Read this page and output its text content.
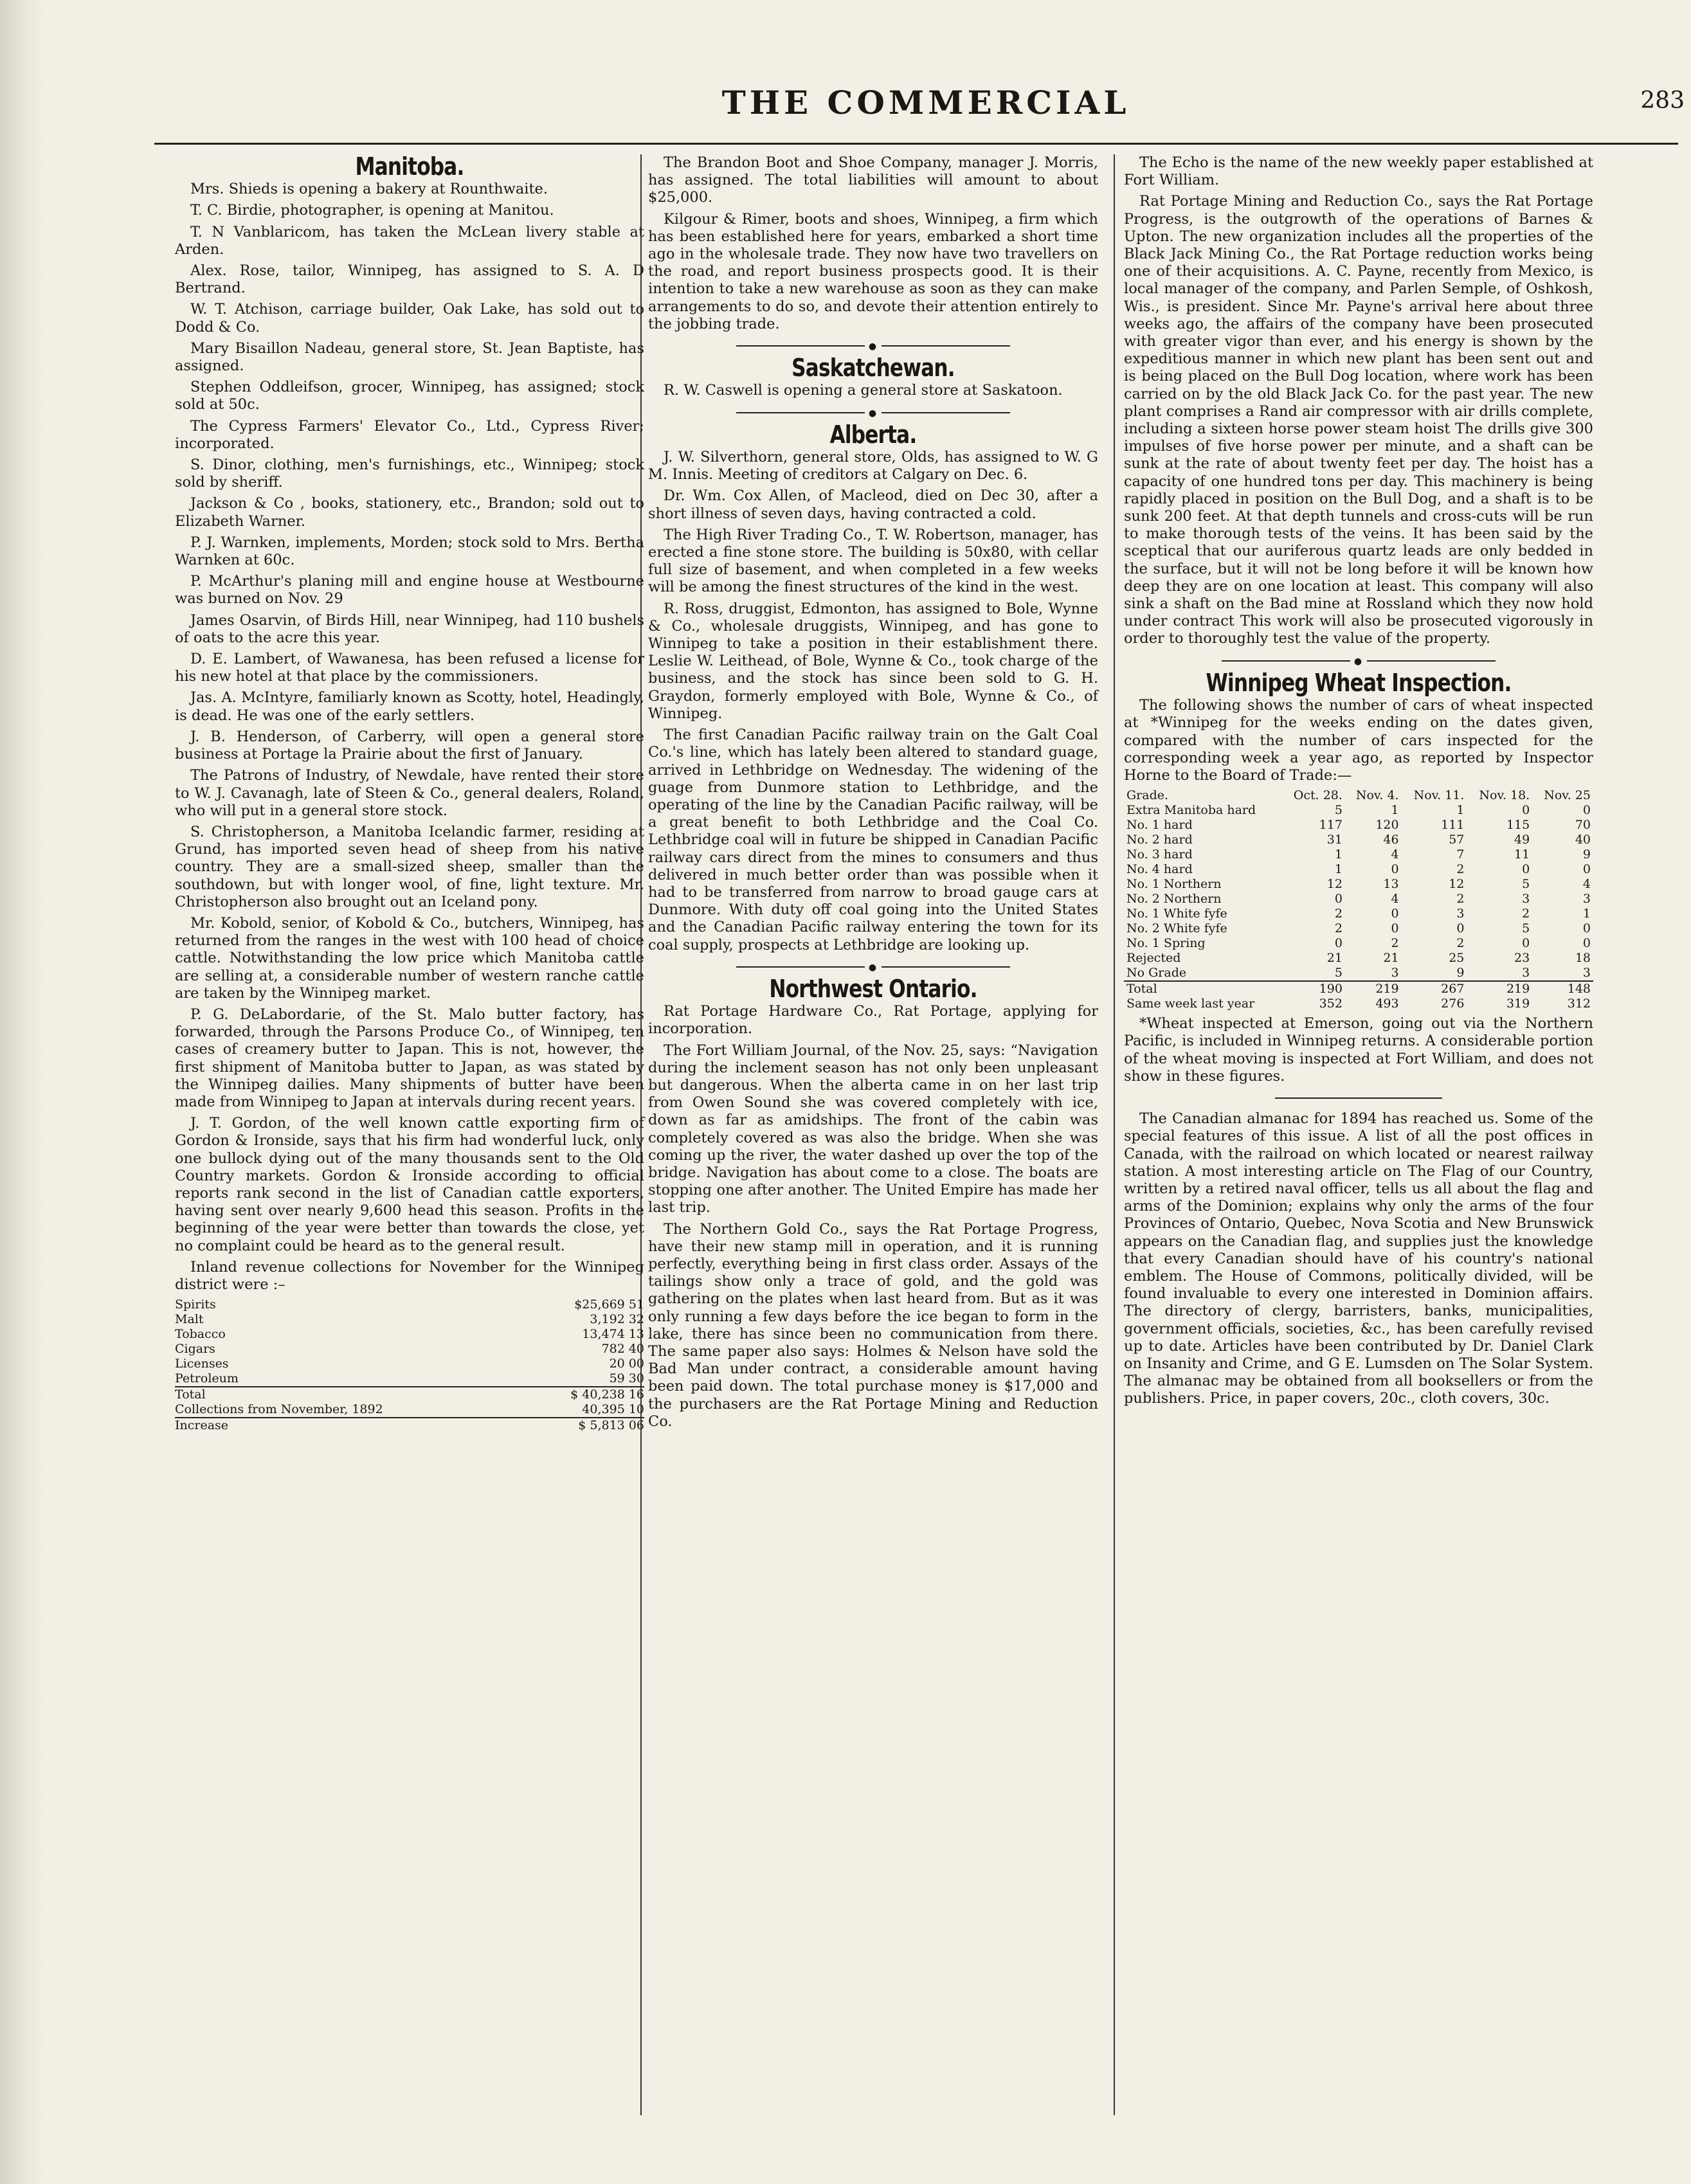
THE COMMERCIAL	283
Manitoba.

Mrs. Shieds is opening a bakery at Rounthwaite.

T. C. Birdie, photographer, is opening at Manitou.

T. N Vanblaricom, has taken the McLean livery stable at Arden.

Alex. Rose, tailor, Winnipeg, has assigned to S. A. D Bertrand.

W. T. Atchison, carriage builder, Oak Lake, has sold out to Dodd & Co.

Mary Bisaillon Nadeau, general store, St. Jean Baptiste, has assigned.

Stephen Oddleifson, grocer, Winnipeg, has assigned; stock sold at 50c.

The Cypress Farmers' Elevator Co., Ltd., Cypress River; incorporated.

S. Dinor, clothing, men's furnishings, etc., Winnipeg; stock sold by sheriff.

Jackson & Co , books, stationery, etc., Brandon; sold out to Elizabeth Warner.

P. J. Warnken, implements, Morden; stock sold to Mrs. Bertha Warnken at 60c.

P. McArthur's planing mill and engine house at Westbourne was burned on Nov. 29

James Osarvin, of Birds Hill, near Winnipeg, had 110 bushels of oats to the acre this year.

D. E. Lambert, of Wawanesa, has been refused a license for his new hotel at that place by the commissioners.

Jas. A. McIntyre, familiarly known as Scotty, hotel, Headingly, is dead. He was one of the early settlers.

J. B. Henderson, of Carberry, will open a general store business at Portage la Prairie about the first of January.

The Patrons of Industry, of Newdale, have rented their store to W. J. Cavanagh, late of Steen & Co., general dealers, Roland, who will put in a general store stock.

S. Christopherson, a Manitoba Icelandic farmer, residing at Grund, has imported seven head of sheep from his native country. They are a small-sized sheep, smaller than the southdown, but with longer wool, of fine, light texture. Mr. Christopherson also brought out an Iceland pony.

Mr. Kobold, senior, of Kobold & Co., butchers, Winnipeg, has returned from the ranges in the west with 100 head of choice cattle. Notwithstanding the low price which Manitoba cattle are selling at, a considerable number of western ranche cattle are taken by the Winnipeg market.

P. G. DeLabordarie, of the St. Malo butter factory, has forwarded, through the Parsons Produce Co., of Winnipeg, ten cases of creamery butter to Japan. This is not, however, the first shipment of Manitoba butter to Japan, as was stated by the Winnipeg dailies. Many shipments of butter have been made from Winnipeg to Japan at intervals during recent years.

J. T. Gordon, of the well known cattle exporting firm of Gordon & Ironside, says that his firm had wonderful luck, only one bullock dying out of the many thousands sent to the Old Country markets. Gordon & Ironside according to official reports rank second in the list of Canadian cattle exporters, having sent over nearly 9,600 head this season. Profits in the beginning of the year were better than towards the close, yet no complaint could be heard as to the general result.

Inland revenue collections for November for the Winnipeg district were :–

Spirits	$25,669 51
Malt	3,192 32
Tobacco	13,474 13
Cigars	782 40
Licenses	20 00
Petroleum	59 30
Total	$ 40,238 16
Collections from November, 1892	40,395 10
Increase	$ 5,813 06

The Brandon Boot and Shoe Company, manager J. Morris, has assigned. The total liabilities will amount to about $25,000.

Kilgour & Rimer, boots and shoes, Winnipeg, a firm which has been established here for years, embarked a short time ago in the wholesale trade. They now have two travellers on the road, and report business prospects good. It is their intention to take a new warehouse as soon as they can make arrangements to do so, and devote their attention entirely to the jobbing trade.

●
Saskatchewan.

R. W. Caswell is opening a general store at Saskatoon.

●
Alberta.

J. W. Silverthorn, general store, Olds, has assigned to W. G M. Innis. Meeting of creditors at Calgary on Dec. 6.

Dr. Wm. Cox Allen, of Macleod, died on Dec 30, after a short illness of seven days, having contracted a cold.

The High River Trading Co., T. W. Robertson, manager, has erected a fine stone store. The building is 50x80, with cellar full size of basement, and when completed in a few weeks will be among the finest structures of the kind in the west.

R. Ross, druggist, Edmonton, has assigned to Bole, Wynne & Co., wholesale druggists, Winnipeg, and has gone to Winnipeg to take a position in their establishment there. Leslie W. Leithead, of Bole, Wynne & Co., took charge of the business, and the stock has since been sold to G. H. Graydon, formerly employed with Bole, Wynne & Co., of Winnipeg.

The first Canadian Pacific railway train on the Galt Coal Co.'s line, which has lately been altered to standard guage, arrived in Lethbridge on Wednesday. The widening of the guage from Dunmore station to Lethbridge, and the operating of the line by the Canadian Pacific railway, will be a great benefit to both Lethbridge and the Coal Co. Lethbridge coal will in future be shipped in Canadian Pacific railway cars direct from the mines to consumers and thus delivered in much better order than was possible when it had to be transferred from narrow to broad gauge cars at Dunmore. With duty off coal going into the United States and the Canadian Pacific railway entering the town for its coal supply, prospects at Lethbridge are looking up.

●
Northwest Ontario.

Rat Portage Hardware Co., Rat Portage, applying for incorporation.

The Fort William Journal, of the Nov. 25, says: “Navigation during the inclement season has not only been unpleasant but dangerous. When the alberta came in on her last trip from Owen Sound she was covered completely with ice, down as far as amidships. The front of the cabin was completely covered as was also the bridge. When she was coming up the river, the water dashed up over the top of the bridge. Navigation has about come to a close. The boats are stopping one after another. The United Empire has made her last trip.

The Northern Gold Co., says the Rat Portage Progress, have their new stamp mill in operation, and it is running perfectly, everything being in first class order. Assays of the tailings show only a trace of gold, and the gold was gathering on the plates when last heard from. But as it was only running a few days before the ice began to form in the lake, there has since been no communication from there. The same paper also says: Holmes & Nelson have sold the Bad Man under contract, a considerable amount having been paid down. The total purchase money is $17,000 and the purchasers are the Rat Portage Mining and Reduction Co.

The Echo is the name of the new weekly paper established at Fort William.

Rat Portage Mining and Reduction Co., says the Rat Portage Progress, is the outgrowth of the operations of Barnes & Upton. The new organization includes all the properties of the Black Jack Mining Co., the Rat Portage reduction works being one of their acquisitions. A. C. Payne, recently from Mexico, is local manager of the company, and Parlen Semple, of Oshkosh, Wis., is president. Since Mr. Payne's arrival here about three weeks ago, the affairs of the company have been prosecuted with greater vigor than ever, and his energy is shown by the expeditious manner in which new plant has been sent out and is being placed on the Bull Dog location, where work has been carried on by the old Black Jack Co. for the past year. The new plant comprises a Rand air compressor with air drills complete, including a sixteen horse power steam hoist The drills give 300 impulses of five horse power per minute, and a shaft can be sunk at the rate of about twenty feet per day. The hoist has a capacity of one hundred tons per day. This machinery is being rapidly placed in position on the Bull Dog, and a shaft is to be sunk 200 feet. At that depth tunnels and cross-cuts will be run to make thorough tests of the veins. It has been said by the sceptical that our auriferous quartz leads are only bedded in the surface, but it will not be long before it will be known how deep they are on one location at least. This company will also sink a shaft on the Bad mine at Rossland which they now hold under contract This work will also be prosecuted vigorously in order to thoroughly test the value of the property.

●
Winnipeg Wheat Inspection.

The following shows the number of cars of wheat inspected at *Winnipeg for the weeks ending on the dates given, compared with the number of cars inspected for the corresponding week a year ago, as reported by Inspector Horne to the Board of Trade:—

Grade.	Oct. 28.	Nov. 4.	Nov. 11.	Nov. 18.	Nov. 25
Extra Manitoba hard	5	1	1	0	0
No. 1 hard	117	120	111	115	70
No. 2 hard	31	46	57	49	40
No. 3 hard	1	4	7	11	9
No. 4 hard	1	0	2	0	0
No. 1 Northern	12	13	12	5	4
No. 2 Northern	0	4	2	3	3
No. 1 White fyfe	2	0	3	2	1
No. 2 White fyfe	2	0	0	5	0
No. 1 Spring	0	2	2	0	0
Rejected	21	21	25	23	18
No Grade	5	3	9	3	3
Total	190	219	267	219	148
Same week last year	352	493	276	319	312

*Wheat inspected at Emerson, going out via the Northern Pacific, is included in Winnipeg returns. A considerable portion of the wheat moving is inspected at Fort William, and does not show in these figures.

The Canadian almanac for 1894 has reached us. Some of the special features of this issue. A list of all the post offices in Canada, with the railroad on which located or nearest railway station. A most interesting article on The Flag of our Country, written by a retired naval officer, tells us all about the flag and arms of the Dominion; explains why only the arms of the four Provinces of Ontario, Quebec, Nova Scotia and New Brunswick appears on the Canadian flag, and supplies just the knowledge that every Canadian should have of his country's national emblem. The House of Commons, politically divided, will be found invaluable to every one interested in Dominion affairs. The directory of clergy, barristers, banks, municipalities, government officials, societies, &c., has been carefully revised up to date. Articles have been contributed by Dr. Daniel Clark on Insanity and Crime, and G E. Lumsden on The Solar System. The almanac may be obtained from all booksellers or from the publishers. Price, in paper covers, 20c., cloth covers, 30c.
